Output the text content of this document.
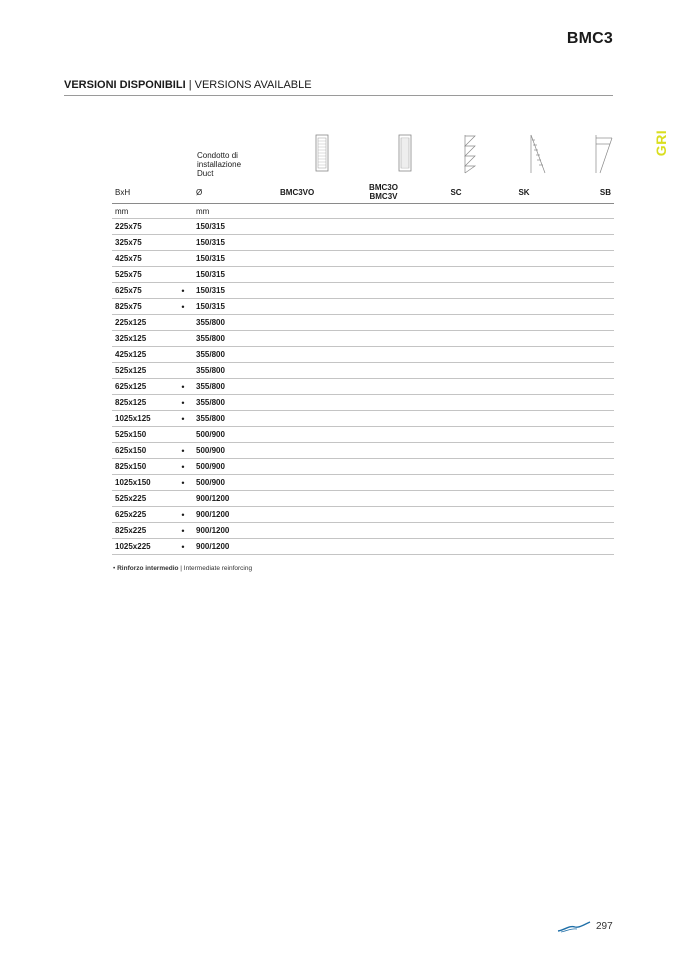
BMC3
VERSIONI DISPONIBILI | VERSIONS AVAILABLE
GRI
Condotto di
installazione
Duct
BxH		Ø	BMC3VO	BMC3O
BMC3V	SC	SK	SB
mm		mm					
225x75		150/315					
325x75		150/315					
425x75		150/315					
525x75		150/315					
625x75	•	150/315					
825x75	•	150/315					
225x125		355/800					
325x125		355/800					
425x125		355/800					
525x125		355/800					
625x125	•	355/800					
825x125	•	355/800					
1025x125	•	355/800					
525x150		500/900					
625x150	•	500/900					
825x150	•	500/900					
1025x150	•	500/900					
525x225		900/1200					
625x225	•	900/1200					
825x225	•	900/1200					
1025x225	•	900/1200					
• Rinforzo intermedio | Intermediate reinforcing
297
